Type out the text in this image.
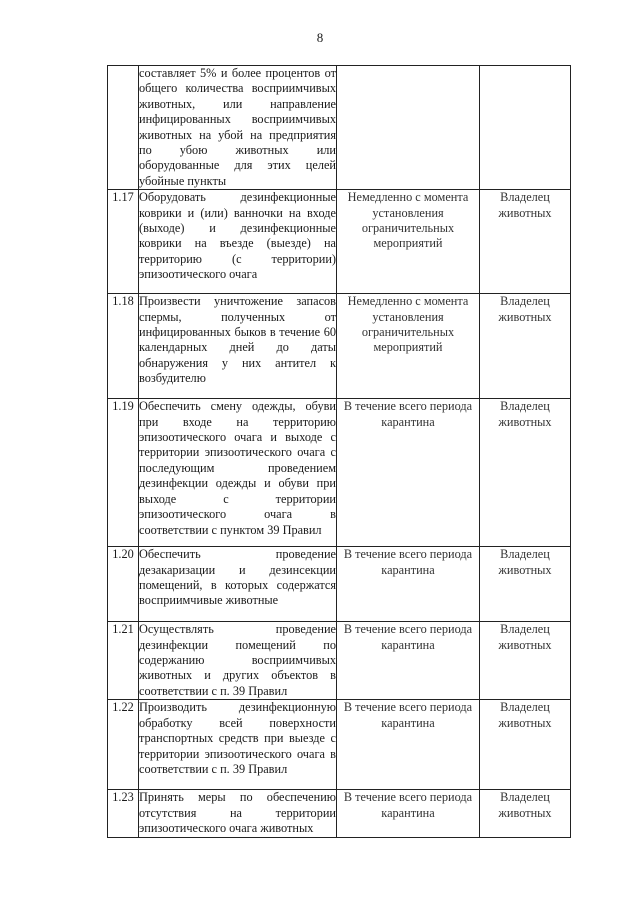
8
	составляет 5% и более процентов от общего количества восприимчивых животных, или направление инфицированных восприимчивых животных на убой на предприятия по убою животных или оборудованные для этих целей убойные пункты		
1.17	Оборудовать дезинфекционные коврики и (или) ванночки на входе (выходе) и дезинфекционные коврики на въезде (выезде) на территорию (с территории) эпизоотического очага	Немедленно с момента установления ограничительных мероприятий	Владелец животных
1.18	Произвести уничтожение запасов спермы, полученных от инфицированных быков в течение 60 календарных дней до даты обнаружения у них антител к возбудителю	Немедленно с момента установления ограничительных мероприятий	Владелец животных
1.19	Обеспечить смену одежды, обуви при входе на территорию эпизоотического очага и выходе с территории эпизоотического очага с последующим проведением дезинфекции одежды и обуви при выходе с территории эпизоотического очага в соответствии с пунктом 39 Правил	В течение всего периода карантина	Владелец животных
1.20	Обеспечить проведение дезакаризации и дезинсекции помещений, в которых содержатся восприимчивые животные	В течение всего периода карантина	Владелец животных
1.21	Осуществлять проведение дезинфекции помещений по содержанию восприимчивых животных и других объектов в соответствии с п. 39 Правил	В течение всего периода карантина	Владелец животных
1.22	Производить дезинфекционную обработку всей поверхности транспортных средств при выезде с территории эпизоотического очага в соответствии с п. 39 Правил	В течение всего периода карантина	Владелец животных
1.23	Принять меры по обеспечению отсутствия на территории эпизоотического очага животных	В течение всего периода карантина	Владелец животных
